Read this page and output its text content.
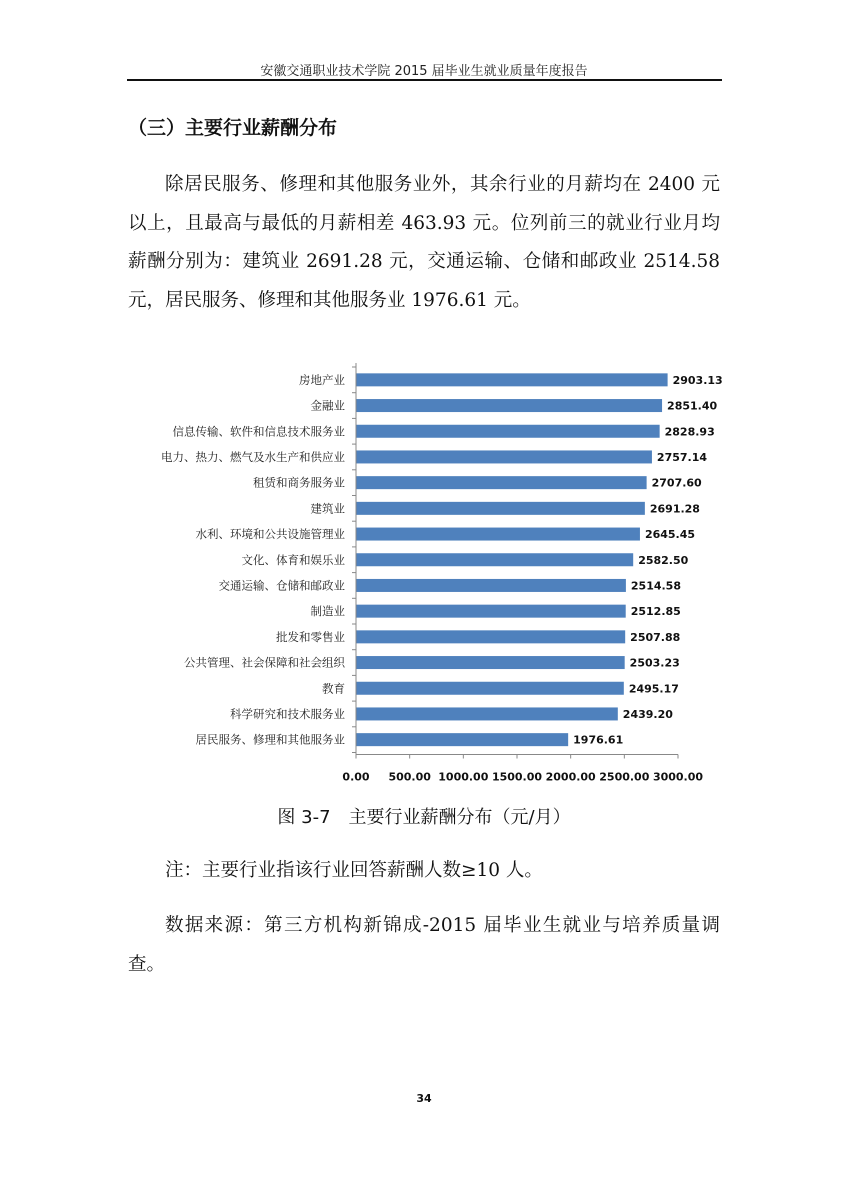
安徽交通职业技术学院 2015 届毕业生就业质量年度报告
（三）主要行业薪酬分布
除居民服务、修理和其他服务业外，其余行业的月薪均在 2400 元以上，且最高与最低的月薪相差 463.93 元。位列前三的就业行业月均薪酬分别为：建筑业 2691.28 元，交通运输、仓储和邮政业 2514.58 元，居民服务、修理和其他服务业 1976.61 元。
房地产业
金融业
信息传输、软件和信息技术服务业
电力、热力、燃气及水生产和供应业
租赁和商务服务业
建筑业
水利、环境和公共设施管理业
文化、体育和娱乐业
交通运输、仓储和邮政业
制造业
批发和零售业
公共管理、社会保障和社会组织
教育
科学研究和技术服务业
居民服务、修理和其他服务业
2903.13
2851.40
2828.93
2757.14
2707.60
2691.28
2645.45
2582.50
2514.58
2512.85
2507.88
2503.23
2495.17
2439.20
1976.61
0.00 500.00 1000.00 1500.00 2000.00 2500.00 3000.00
图 3-7　主要行业薪酬分布（元/月）
注：主要行业指该行业回答薪酬人数≥10 人。
数据来源：第三方机构新锦成-2015 届毕业生就业与培养质量调查。
34
